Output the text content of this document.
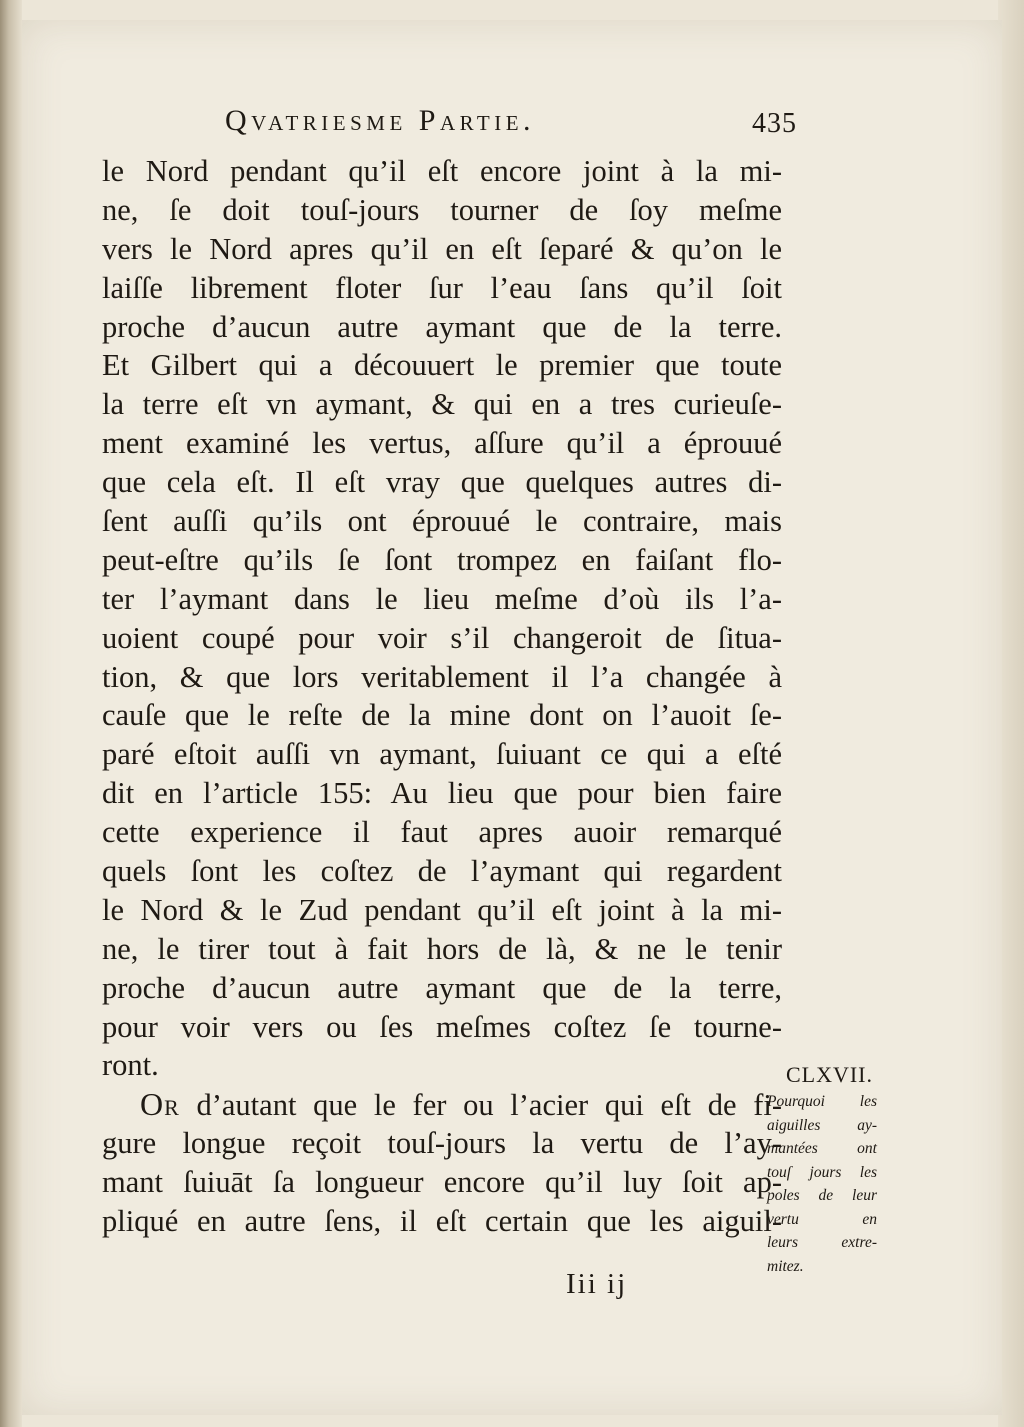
Qvatriesme Partie.	435
le Nord pendant qu’il eſt encore joint à la mi-
ne, ſe doit touſ-jours tourner de ſoy meſme
vers le Nord apres qu’il en eſt ſeparé & qu’on le
laiſſe librement floter ſur l’eau ſans qu’il ſoit
proche d’aucun autre aymant que de la terre.
Et Gilbert qui a découuert le premier que toute
la terre eſt vn aymant, & qui en a tres curieuſe-
ment examiné les vertus, aſſure qu’il a éprouué
que cela eſt. Il eſt vray que quelques autres di-
ſent auſſi qu’ils ont éprouué le contraire, mais
peut-eſtre qu’ils ſe ſont trompez en faiſant flo-
ter l’aymant dans le lieu meſme d’où ils l’a-
uoient coupé pour voir s’il changeroit de ſitua-
tion, & que lors veritablement il l’a changée à
cauſe que le reſte de la mine dont on l’auoit ſe-
paré eſtoit auſſi vn aymant, ſuiuant ce qui a eſté
dit en l’article 155: Au lieu que pour bien faire
cette experience il faut apres auoir remarqué
quels ſont les coſtez de l’aymant qui regardent
le Nord & le Zud pendant qu’il eſt joint à la mi-
ne, le tirer tout à fait hors de là, & ne le tenir
proche d’aucun autre aymant que de la terre,
pour voir vers ou ſes meſmes coſtez ſe tourne-
ront.
Or d’autant que le fer ou l’acier qui eſt de fi-
gure longue reçoit touſ-jours la vertu de l’ay-
mant ſuiuāt ſa longueur encore qu’il luy ſoit ap-
pliqué en autre ſens, il eſt certain que les aiguil-
Iii ij
CLXVII.
Pourquoi les
aiguilles ay-
mantées ont
touſ jours les
poles de leur
vertu en
leurs extre-
mitez.
